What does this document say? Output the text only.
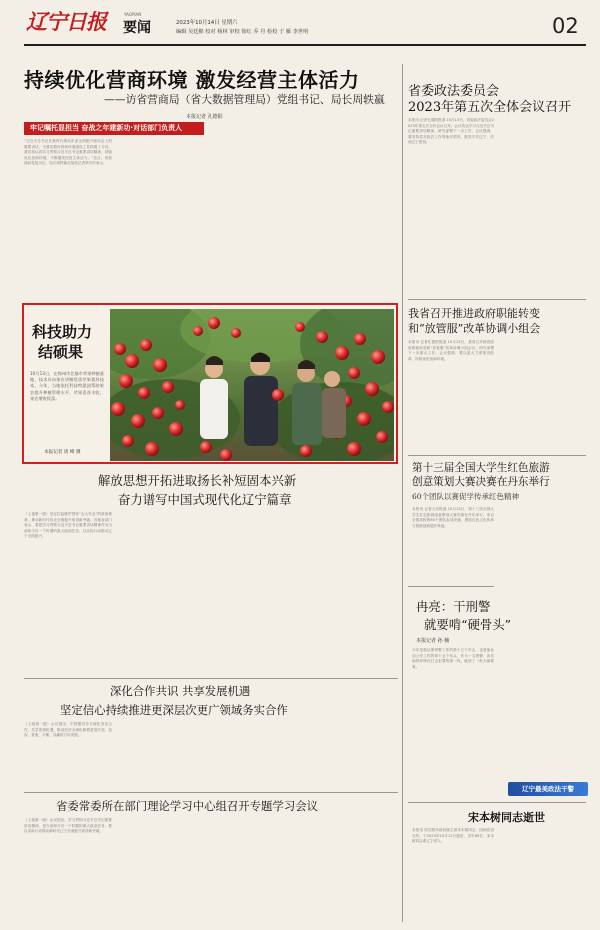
辽宁日报	YAOPIAN
要闻	2023年10月14日 星期六
编辑 吴廷棉 校对 杨林 审校 徐红 乔 丹 检校 于 雁 李世明	02
持续优化营商环境 激发经营主体活力
——访省营商局（省大数据管理局）党组书记、局长周轶嬴
本报记者 孔德阳
牢记嘱托显担当 奋战之年建新功·对话部门负责人
“习近平总书记在新时代推动东北全面振兴座谈会上的重要讲话，为我们做好营商环境建设工作指明了方向。我们将认真学习贯彻习近平总书记重要讲话精神，持续优化营商环境，不断激发经营主体活力。”近日，省营商局党组书记、局长周轶嬴在接受记者采访时表示。
省委政法委员会
2023年第五次全体会议召开
本报讯 记者孔德阳报道 10月13日，省委政法委员会2023年第五次全体会议召开。会议传达学习习近平总书记重要讲话精神，研究部署下一步工作。会议强调，要坚持党对政法工作的绝对领导，推进平安辽宁、法治辽宁建设。
科技助力
结硕果
10月13日，在锦州市北镇市苹果种植基地，技术员向果农讲解优质苹果栽培技术。今年，当地依托科技特派团帮助果农提升种植管理水平，苹果喜获丰收，果农增收致富。
本报记者 唐 峰 摄
我省召开推进政府职能转变
和“放管服”改革协调小组会
本报讯 记者孔德阳报道 10月13日，我省召开推进政府职能转变和“放管服”改革协调小组会议，研究部署下一步重点工作。会议强调，要以更大力度推进改革，持续优化营商环境。
第十三届全国大学生红色旅游
创意策划大赛决赛在丹东举行
60个团队以赛促学传承红色精神
本报讯 记者王臣报道 10月13日，第十三届全国大学生红色旅游创意策划大赛决赛在丹东举行。来自全国高校的60个团队参加决赛，围绕红色文化传承与旅游创新展开角逐。
解放思想开拓进取扬长补短固本兴新
奋力谱写中国式现代化辽宁篇章
（上接第一版）坚定扛起维护国家“五大安全”的政治使命，推动新时代东北全面振兴取得新突破。各地各部门表示，要把学习贯彻习近平总书记重要讲话精神作为当前和今后一个时期的重大政治任务，以实际行动推动辽宁全面振兴。
深化合作共识 共享发展机遇
坚定信心持续推进更深层次更广领域务实合作
（上接第一版）会议指出，中国愿同各方深化务实合作，共享发展机遇，推动经济全球化朝着更加开放、包容、普惠、平衡、共赢的方向发展。
省委常委所在部门理论学习中心组召开专题学习会议
（上接第一版）会议指出，学习贯彻习近平总书记重要讲话精神，是当前和今后一个时期的重大政治任务，要以实际行动推动新时代辽宁全面振兴取得新突破。
冉亮：干刑警
就要啃“硬骨头”
本报记者 孙 楠
今年是他从事刑警工作的第十五个年头，也是他参加公安工作的第十五个年头，作为一名刑警，冉亮始终冲锋在打击犯罪的第一线，破获了一批大案要案。
辽宁最美政法干警
宋本树同志逝世
本报讯 原沈阳市政协副主席宋本树同志，因病医治无效，于2023年10月12日逝世，享年89岁。宋本树同志系辽宁省人。
